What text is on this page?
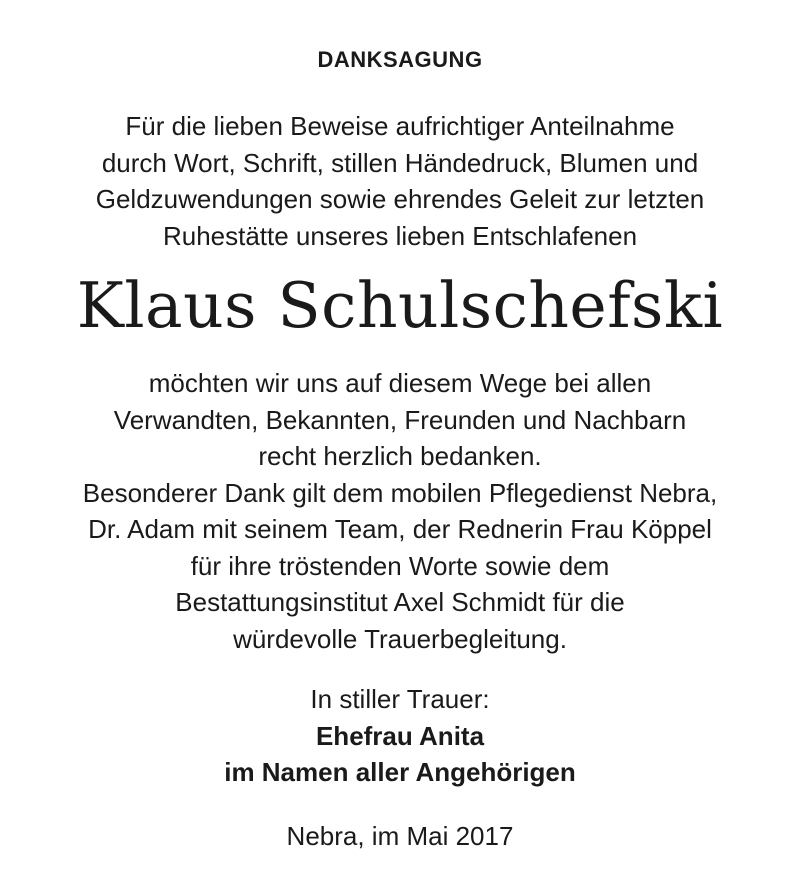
DANKSAGUNG
Für die lieben Beweise aufrichtiger Anteilnahme
durch Wort, Schrift, stillen Händedruck, Blumen und
Geldzuwendungen sowie ehrendes Geleit zur letzten
Ruhestätte unseres lieben Entschlafenen
Klaus Schulschefski
möchten wir uns auf diesem Wege bei allen
Verwandten, Bekannten, Freunden und Nachbarn
recht herzlich bedanken.
Besonderer Dank gilt dem mobilen Pflegedienst Nebra,
Dr. Adam mit seinem Team, der Rednerin Frau Köppel
für ihre tröstenden Worte sowie dem
Bestattungsinstitut Axel Schmidt für die
würdevolle Trauerbegleitung.
In stiller Trauer:
Ehefrau Anita
im Namen aller Angehörigen
Nebra, im Mai 2017
